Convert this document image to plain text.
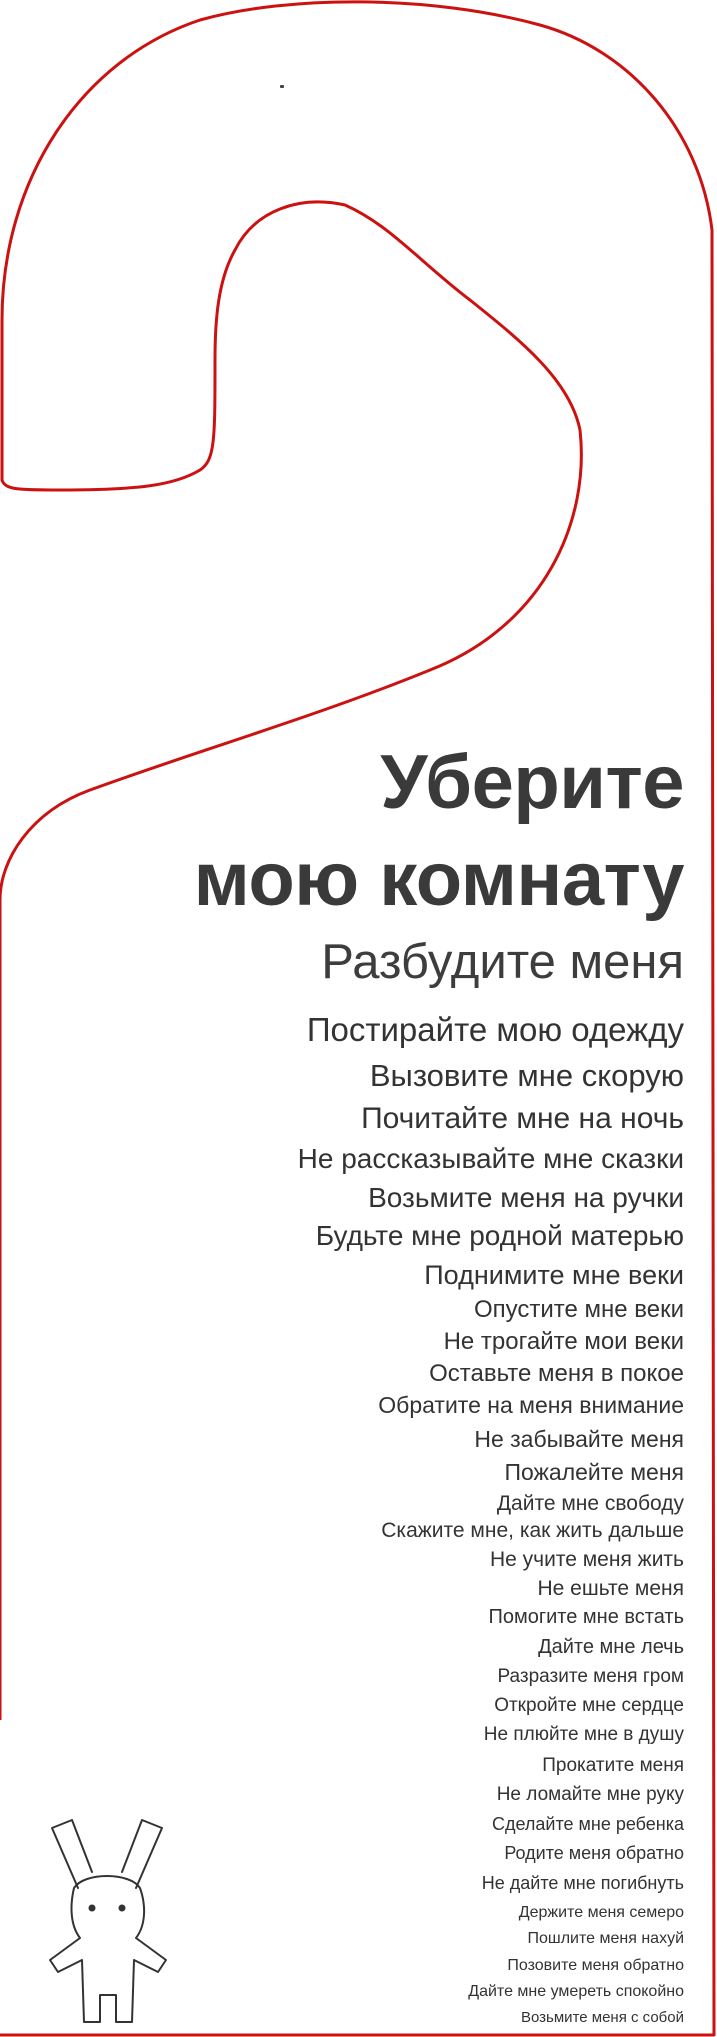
Уберите
мою комнату
Разбудите меня
Постирайте мою одежду
Вызовите мне скорую
Почитайте мне на ночь
Не рассказывайте мне сказки
Возьмите меня на ручки
Будьте мне родной матерью
Поднимите мне веки
Опустите мне веки
Не трогайте мои веки
Оставьте меня в покое
Обратите на меня внимание
Не забывайте меня
Пожалейте меня
Дайте мне свободу
Скажите мне, как жить дальше
Не учите меня жить
Не ешьте меня
Помогите мне встать
Дайте мне лечь
Разразите меня гром
Откройте мне сердце
Не плюйте мне в душу
Прокатите меня
Не ломайте мне руку
Сделайте мне ребенка
Родите меня обратно
Не дайте мне погибнуть
Держите меня семеро
Пошлите меня нахуй
Позовите меня обратно
Дайте мне умереть спокойно
Возьмите меня с собой
